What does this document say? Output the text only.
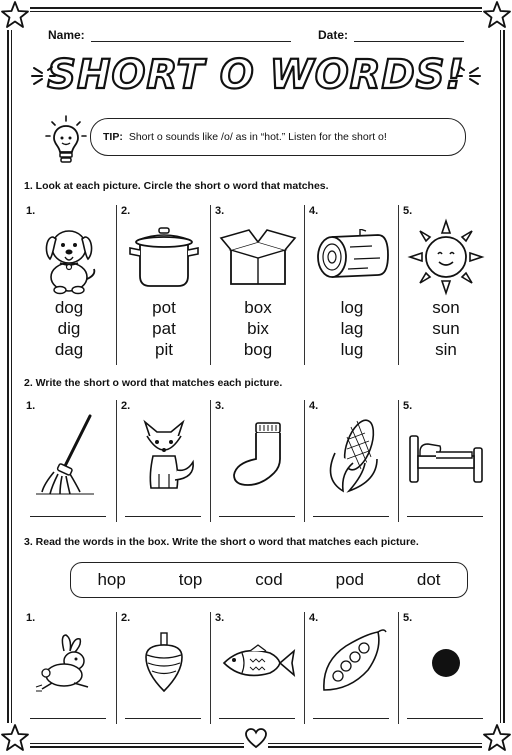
Name:	Date:
SHORT O WORDS!
TIP: Short o sounds like /o/ as in “hot.” Listen for the short o!
1. Look at each picture. Circle the short o word that matches.
1.
dog
dig
dag
2.
pot
pat
pit
3.
box
bix
bog
4.
log
lag
lug
5.
son
sun
sin
2. Write the short o word that matches each picture.
1.	2.	3.	4.	5.
3. Read the words in the box. Write the short o word that matches each picture.
hop	top	cod	pod	dot
1.	2.	3.	4.	5.
